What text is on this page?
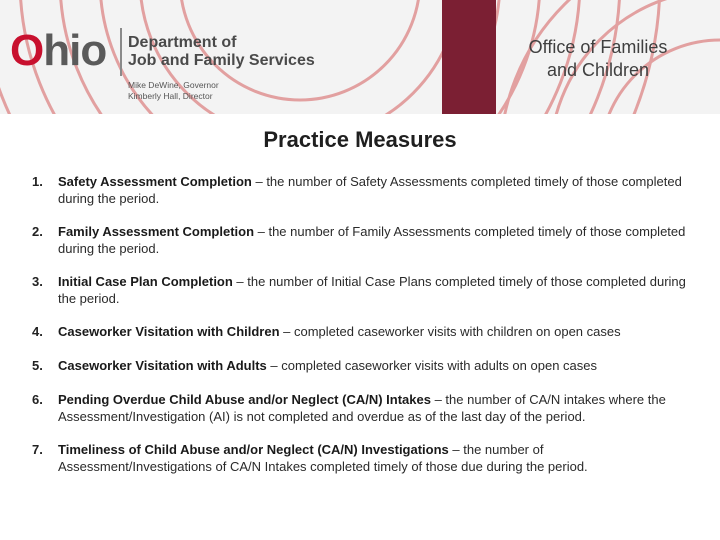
Ohio Department of
Job and Family Services
Mike DeWine, Governor
Kimberly Hall, Director
Office of Families
and Children
Practice Measures
1. Safety Assessment Completion – the number of Safety Assessments completed timely of those completed during the period.
2. Family Assessment Completion – the number of Family Assessments completed timely of those completed during the period.
3. Initial Case Plan Completion – the number of Initial Case Plans completed timely of those completed during the period.
4. Caseworker Visitation with Children – completed caseworker visits with children on open cases
5. Caseworker Visitation with Adults – completed caseworker visits with adults on open cases
6. Pending Overdue Child Abuse and/or Neglect (CA/N) Intakes – the number of CA/N intakes where the Assessment/Investigation (AI) is not completed and overdue as of the last day of the period.
7. Timeliness of Child Abuse and/or Neglect (CA/N) Investigations – the number of Assessment/Investigations of CA/N Intakes completed timely of those due during the period.
